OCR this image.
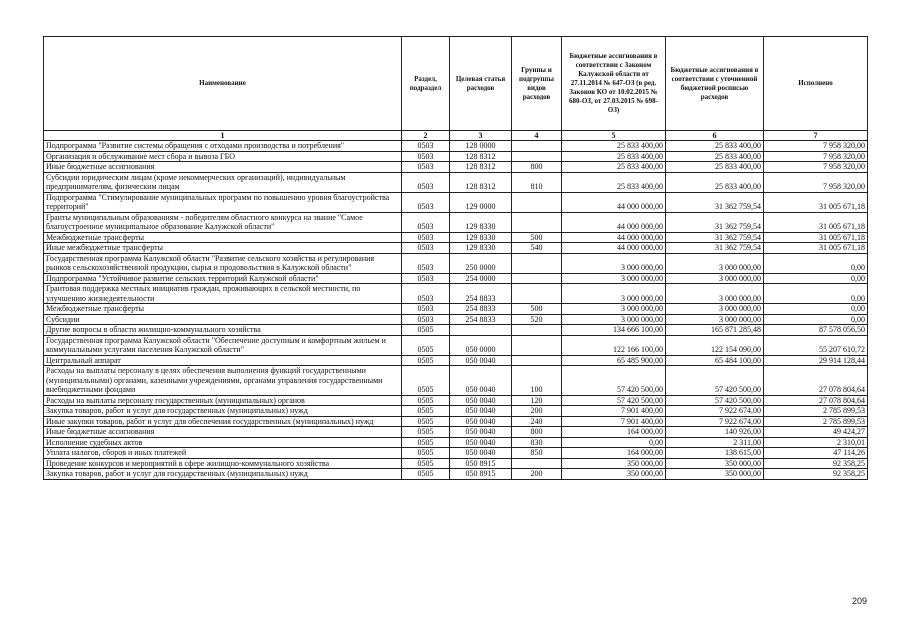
Наименование	Раздел, подраздел	Целевая статья расходов	Группы и подгруппы видов расходов	Бюджетные ассигнования в соответствии с Законом Калужской области от 27.11.2014 № 647-ОЗ (в ред. Законов КО от 10.02.2015 № 680-ОЗ, от 27.03.2015 № 698-ОЗ)	Бюджетные ассигнования в соответствии с уточненной бюджетной росписью расходов	Исполнено
1	2	3	4	5	6	7
Подпрограмма "Развитие системы обращения с отходами производства и потребления"	0503	128 0000		25 833 400,00	25 833 400,00	7 958 320,00
Организация и обслуживание мест сбора и вывоза ГБО	0503	128 8312		25 833 400,00	25 833 400,00	7 958 320,00
Иные бюджетные ассигнования	0503	128 8312	800	25 833 400,00	25 833 400,00	7 958 320,00
Субсидии юридическим лицам (кроме некоммерческих организаций), индивидуальным предпринимателям, физическим лицам	0503	128 8312	810	25 833 400,00	25 833 400,00	7 958 320,00
Подпрограмма "Стимулирование муниципальных программ по повышению уровня благоустройства территорий"	0503	129 0000		44 000 000,00	31 362 759,54	31 005 671,18
Гранты муниципальным образованиям - победителям областного конкурса на звание "Самое благоустроенное муниципальное образование Калужской области"	0503	129 8330		44 000 000,00	31 362 759,54	31 005 671,18
Межбюджетные трансферты	0503	129 8330	500	44 000 000,00	31 362 759,54	31 005 671,18
Иные межбюджетные трансферты	0503	129 8330	540	44 000 000,00	31 362 759,54	31 005 671,18
Государственная программа Калужской области "Развитие сельского хозяйства и регулирования рынков сельскохозяйственной продукции, сырья и продовольствия в Калужской области"	0503	250 0000		3 000 000,00	3 000 000,00	0,00
Подпрограмма "Устойчивое развитие сельских территорий Калужской области"	0503	254 0000		3 000 000,00	3 000 000,00	0,00
Грантовая поддержка местных инициатив граждан, проживающих в сельской местности, по улучшению жизнедеятельности	0503	254 8833		3 000 000,00	3 000 000,00	0,00
Межбюджетные трансферты	0503	254 8833	500	3 000 000,00	3 000 000,00	0,00
Субсидии	0503	254 8833	520	3 000 000,00	3 000 000,00	0,00
Другие вопросы в области жилищно-коммунального хозяйства	0505			134 666 100,00	165 871 285,48	87 578 056,50
Государственная программа Калужской области "Обеспечение доступным и комфортным жильем и коммунальными услугами населения Калужской области"	0505	050 0000		122 166 100,00	122 154 090,00	55 207 610,72
Центральный аппарат	0505	050 0040		65 485 900,00	65 484 100,00	29 914 128,44
Расходы на выплаты персоналу в целях обеспечения выполнения функций государственными (муниципальными) органами, казенными учреждениями, органами управления государственными внебюджетными фондами	0505	050 0040	100	57 420 500,00	57 420 500,00	27 078 804,64
Расходы на выплаты персоналу государственных (муниципальных) органов	0505	050 0040	120	57 420 500,00	57 420 500,00	27 078 804,64
Закупка товаров, работ и услуг для государственных (муниципальных) нужд	0505	050 0040	200	7 901 400,00	7 922 674,00	2 785 899,53
Иные закупки товаров, работ и услуг для обеспечения государственных (муниципальных) нужд	0505	050 0040	240	7 901 400,00	7 922 674,00	2 785 899,53
Иные бюджетные ассигнования	0505	050 0040	800	164 000,00	140 926,00	49 424,27
Исполнение судебных актов	0505	050 0040	830	0,00	2 311,00	2 310,01
Уплата налогов, сборов и иных платежей	0505	050 0040	850	164 000,00	138 615,00	47 114,26
Проведение конкурсов и мероприятий в сфере жилищно-коммунального хозяйства	0505	050 8915		350 000,00	350 000,00	92 358,25
Закупка товаров, работ и услуг для государственных (муниципальных) нужд	0505	050 8915	200	350 000,00	350 000,00	92 358,25
209
